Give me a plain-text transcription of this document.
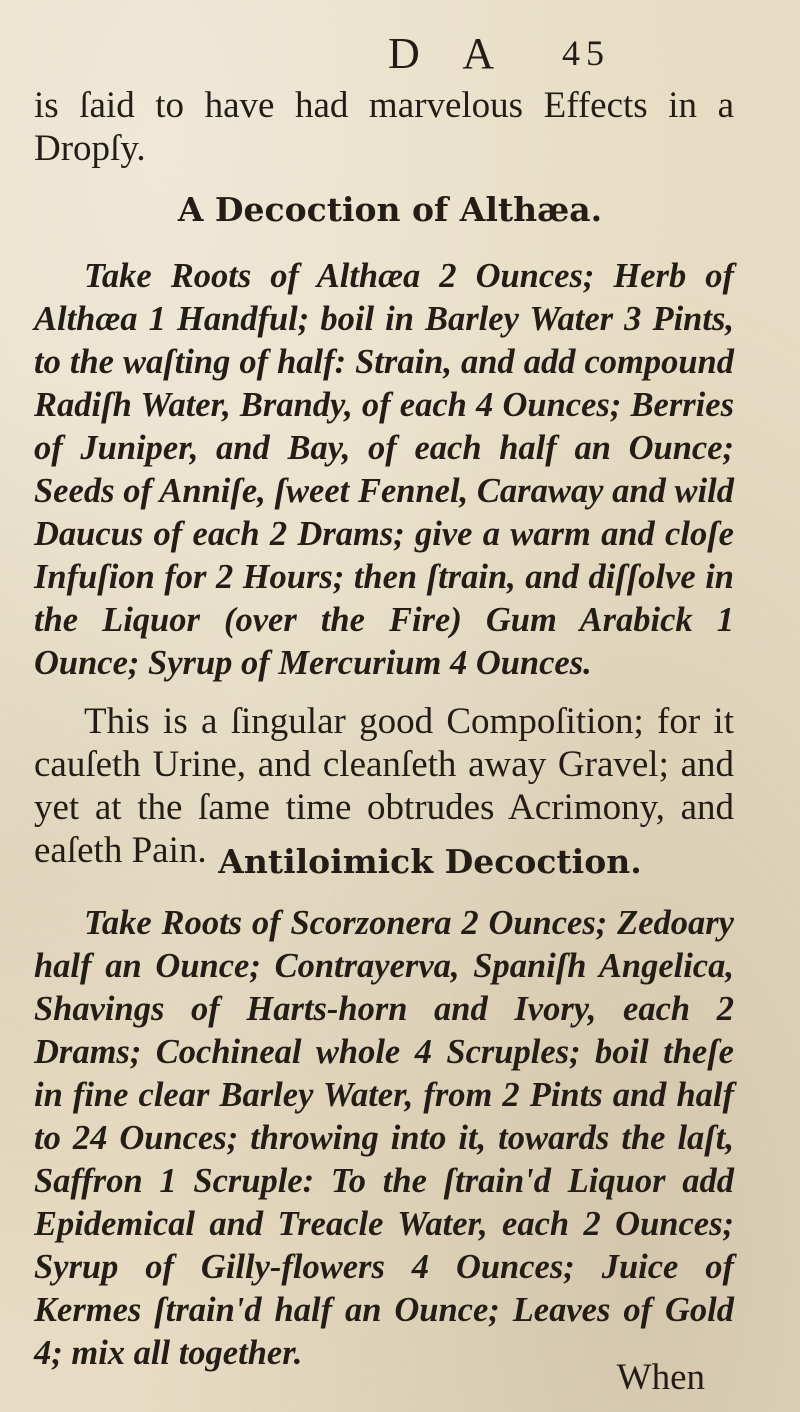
D A	45

is ſaid to have had marvelous Effects in a Dropſy.

A Decoction of Althæa.

Take Roots of Althæa 2 Ounces; Herb of Althæa 1 Handful; boil in Barley Water 3 Pints, to the waſting of half: Strain, and add compound Radiſh Water, Brandy, of each 4 Ounces; Berries of Juniper, and Bay, of each half an Ounce; Seeds of Anniſe, ſweet Fennel, Caraway and wild Daucus of each 2 Drams; give a warm and cloſe Infuſion for 2 Hours; then ſtrain, and diſſolve in the Liquor (over the Fire) Gum Arabick 1 Ounce; Syrup of Mercurium 4 Ounces.

This is a ſingular good Compoſition; for it cauſeth Urine, and cleanſeth away Gravel; and yet at the ſame time obtrudes Acrimony, and eaſeth Pain. Antiloimick Decoction.

Take Roots of Scorzonera 2 Ounces; Zedoary half an Ounce; Contrayerva, Spaniſh Angelica, Shavings of Harts-horn and Ivory, each 2 Drams; Cochineal whole 4 Scruples; boil theſe in fine clear Barley Water, from 2 Pints and half to 24 Ounces; throwing into it, towards the laſt, Saffron 1 Scruple: To the ſtrain'd Liquor add Epidemical and Treacle Water, each 2 Ounces; Syrup of Gilly-flowers 4 Ounces; Juice of Kermes ſtrain'd half an Ounce; Leaves of Gold 4; mix all together.

When
